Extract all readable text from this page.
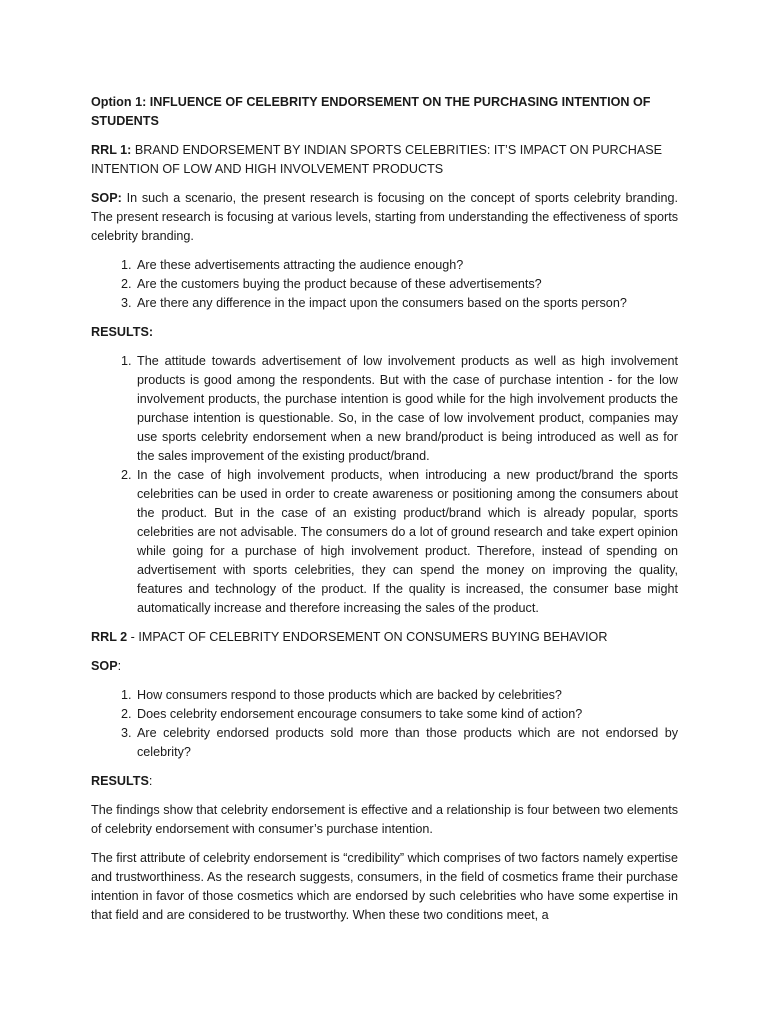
Option 1: INFLUENCE OF CELEBRITY ENDORSEMENT ON THE PURCHASING INTENTION OF STUDENTS

RRL 1: BRAND ENDORSEMENT BY INDIAN SPORTS CELEBRITIES: IT’S IMPACT ON PURCHASE INTENTION OF LOW AND HIGH INVOLVEMENT PRODUCTS

SOP: In such a scenario, the present research is focusing on the concept of sports celebrity branding. The present research is focusing at various levels, starting from understanding the effectiveness of sports celebrity branding.

1. Are these advertisements attracting the audience enough?
2. Are the customers buying the product because of these advertisements?
3. Are there any difference in the impact upon the consumers based on the sports person?

RESULTS:

1. The attitude towards advertisement of low involvement products as well as high involvement products is good among the respondents. But with the case of purchase intention - for the low involvement products, the purchase intention is good while for the high involvement products the purchase intention is questionable. So, in the case of low involvement product, companies may use sports celebrity endorsement when a new brand/product is being introduced as well as for the sales improvement of the existing product/brand.
2. In the case of high involvement products, when introducing a new product/brand the sports celebrities can be used in order to create awareness or positioning among the consumers about the product. But in the case of an existing product/brand which is already popular, sports celebrities are not advisable. The consumers do a lot of ground research and take expert opinion while going for a purchase of high involvement product. Therefore, instead of spending on advertisement with sports celebrities, they can spend the money on improving the quality, features and technology of the product. If the quality is increased, the consumer base might automatically increase and therefore increasing the sales of the product.

RRL 2 - IMPACT OF CELEBRITY ENDORSEMENT ON CONSUMERS BUYING BEHAVIOR

SOP:

1. How consumers respond to those products which are backed by celebrities?
2. Does celebrity endorsement encourage consumers to take some kind of action?
3. Are celebrity endorsed products sold more than those products which are not endorsed by celebrity?

RESULTS:

The findings show that celebrity endorsement is effective and a relationship is four between two elements of celebrity endorsement with consumer’s purchase intention.

The first attribute of celebrity endorsement is “credibility” which comprises of two factors namely expertise and trustworthiness. As the research suggests, consumers, in the field of cosmetics frame their purchase intention in favor of those cosmetics which are endorsed by such celebrities who have some expertise in that field and are considered to be trustworthy. When these two conditions meet, a
